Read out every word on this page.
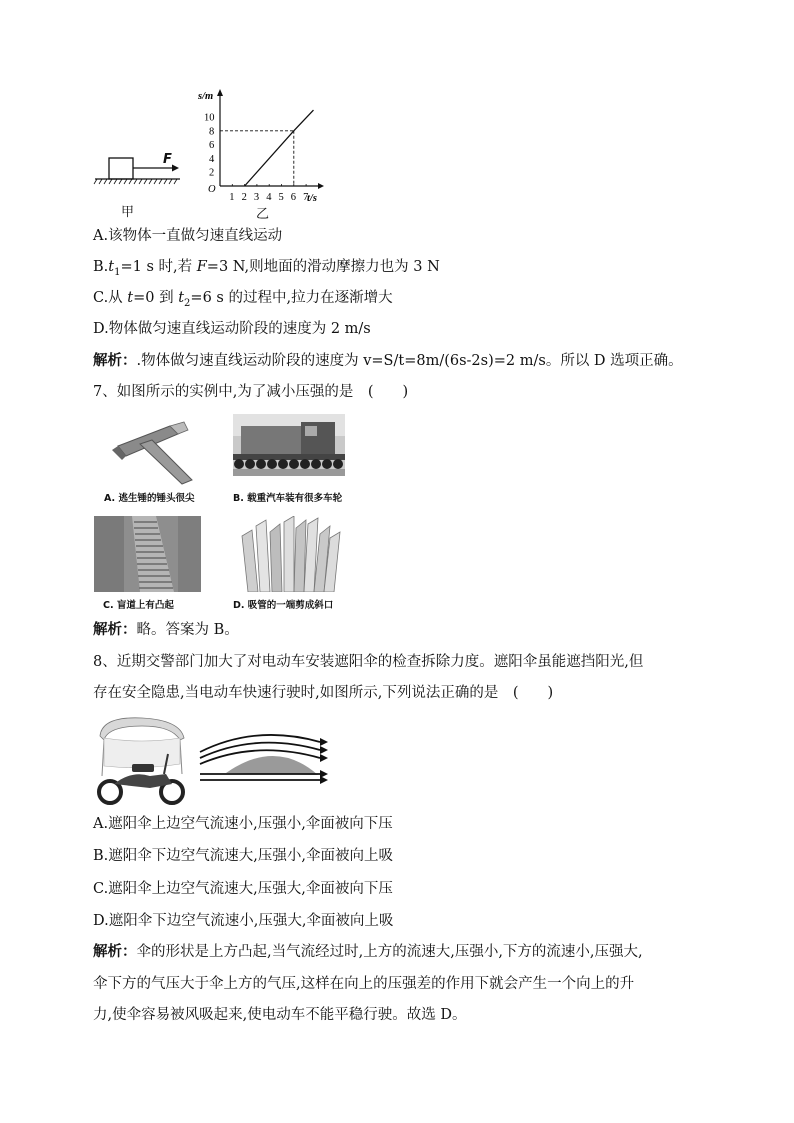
F
甲
s/m
t/s
O
1 2 3 4 5 6 7
2
4
6
8
10
乙
A.该物体一直做匀速直线运动
$B.t_1=1$ s 时,若 F=3 N,则地面的滑动摩擦力也为 3 N
C.从 t=0 到 $t_2=6$ s 的过程中,拉力在逐渐增大
D.物体做匀速直线运动阶段的速度为 2 m/s
解析：.物体做匀速直线运动阶段的速度为 v=S/t=8m/(6s-2s)=2 m/s。所以 D 选项正确。
7、如图所示的实例中,为了减小压强的是　(　　)
A. 逃生锤的锤头很尖	B. 载重汽车装有很多车轮
C. 盲道上有凸起	D. 吸管的一端剪成斜口
解析：略。答案为 B。
8、近期交警部门加大了对电动车安装遮阳伞的检查拆除力度。遮阳伞虽能遮挡阳光,但
存在安全隐患,当电动车快速行驶时,如图所示,下列说法正确的是　(　　)
A.遮阳伞上边空气流速小,压强小,伞面被向下压
B.遮阳伞下边空气流速大,压强小,伞面被向上吸
C.遮阳伞上边空气流速大,压强大,伞面被向下压
D.遮阳伞下边空气流速小,压强大,伞面被向上吸
解析：伞的形状是上方凸起,当气流经过时,上方的流速大,压强小,下方的流速小,压强大,
伞下方的气压大于伞上方的气压,这样在向上的压强差的作用下就会产生一个向上的升
力,使伞容易被风吸起来,使电动车不能平稳行驶。故选 D。
